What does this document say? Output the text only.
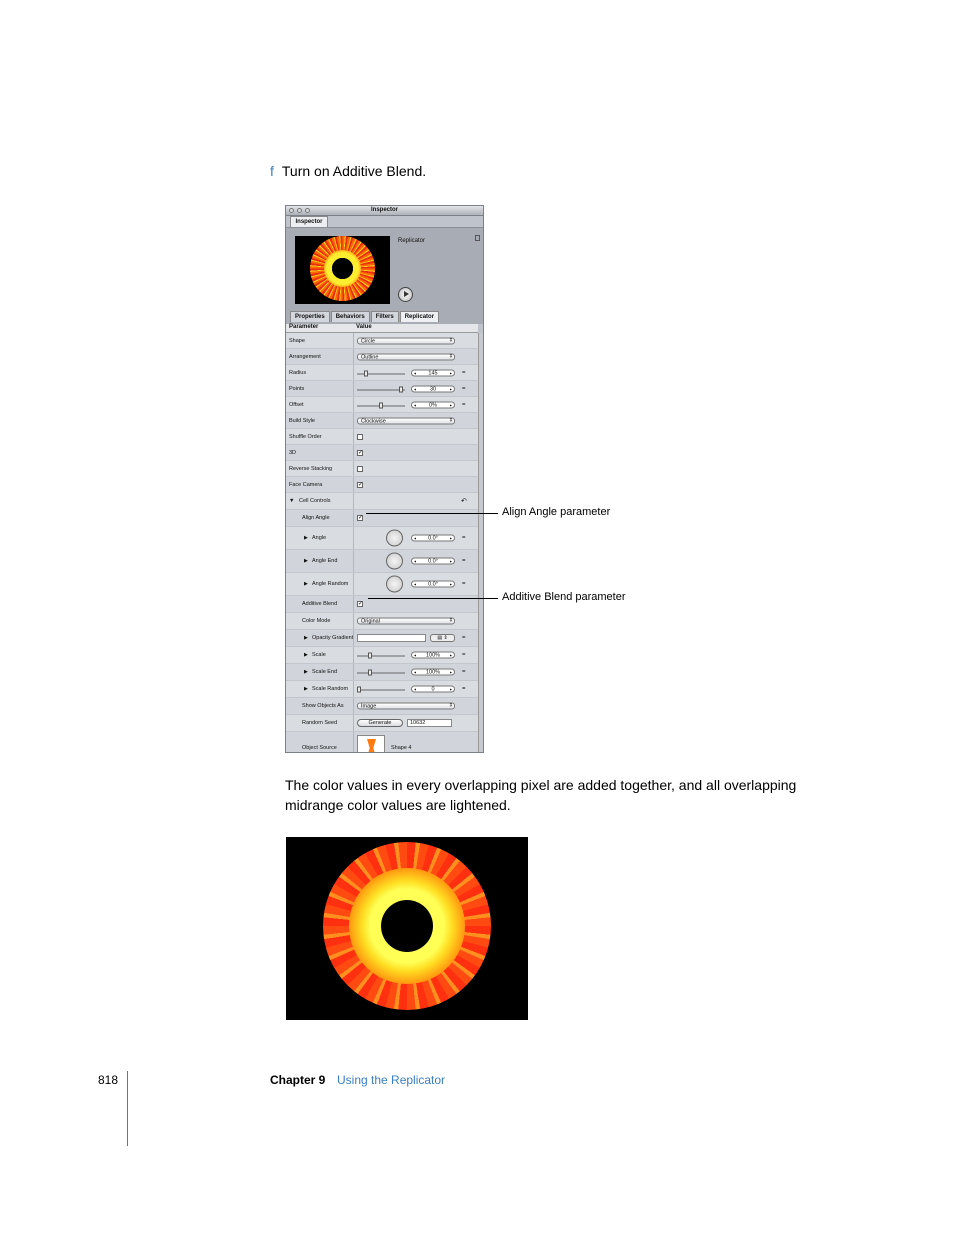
f Turn on Additive Blend.
Inspector
Inspector
Replicator
Properties	Behaviors	Filters	Replicator
Parameter	Value
Shape	Circle ⇕
Arrangement	Outline ⇕
Radius	◂ 145 ▸	=
Points	◂ 30 ▸	=
Offset	◂ 0% ▸	=
Build Style	Clockwise ⇕
Shuffle Order
3D	✓
Reverse Stacking
Face Camera	✓
▼ Cell Controls	↶
Align Angle	✓
▶ Angle	◂ 0.0° ▸	=
▶ Angle End	◂ 0.0° ▸	=
▶ Angle Random	◂ 0.0° ▸	=
Additive Blend	✓
Color Mode	Original ⇕
▶ Opacity Gradient	▤ ⇕	=
▶ Scale	◂ 100% ▸	=
▶ Scale End	◂ 100% ▸	=
▶ Scale Random	◂ 0 ▸	=
Show Objects As	Image ⇕
Random Seed	Generate	10632
Object Source	Shape 4
Align Angle parameter
Additive Blend parameter
The color values in every overlapping pixel are added together, and all overlapping midrange color values are lightened.
818	Chapter 9 Using the Replicator
